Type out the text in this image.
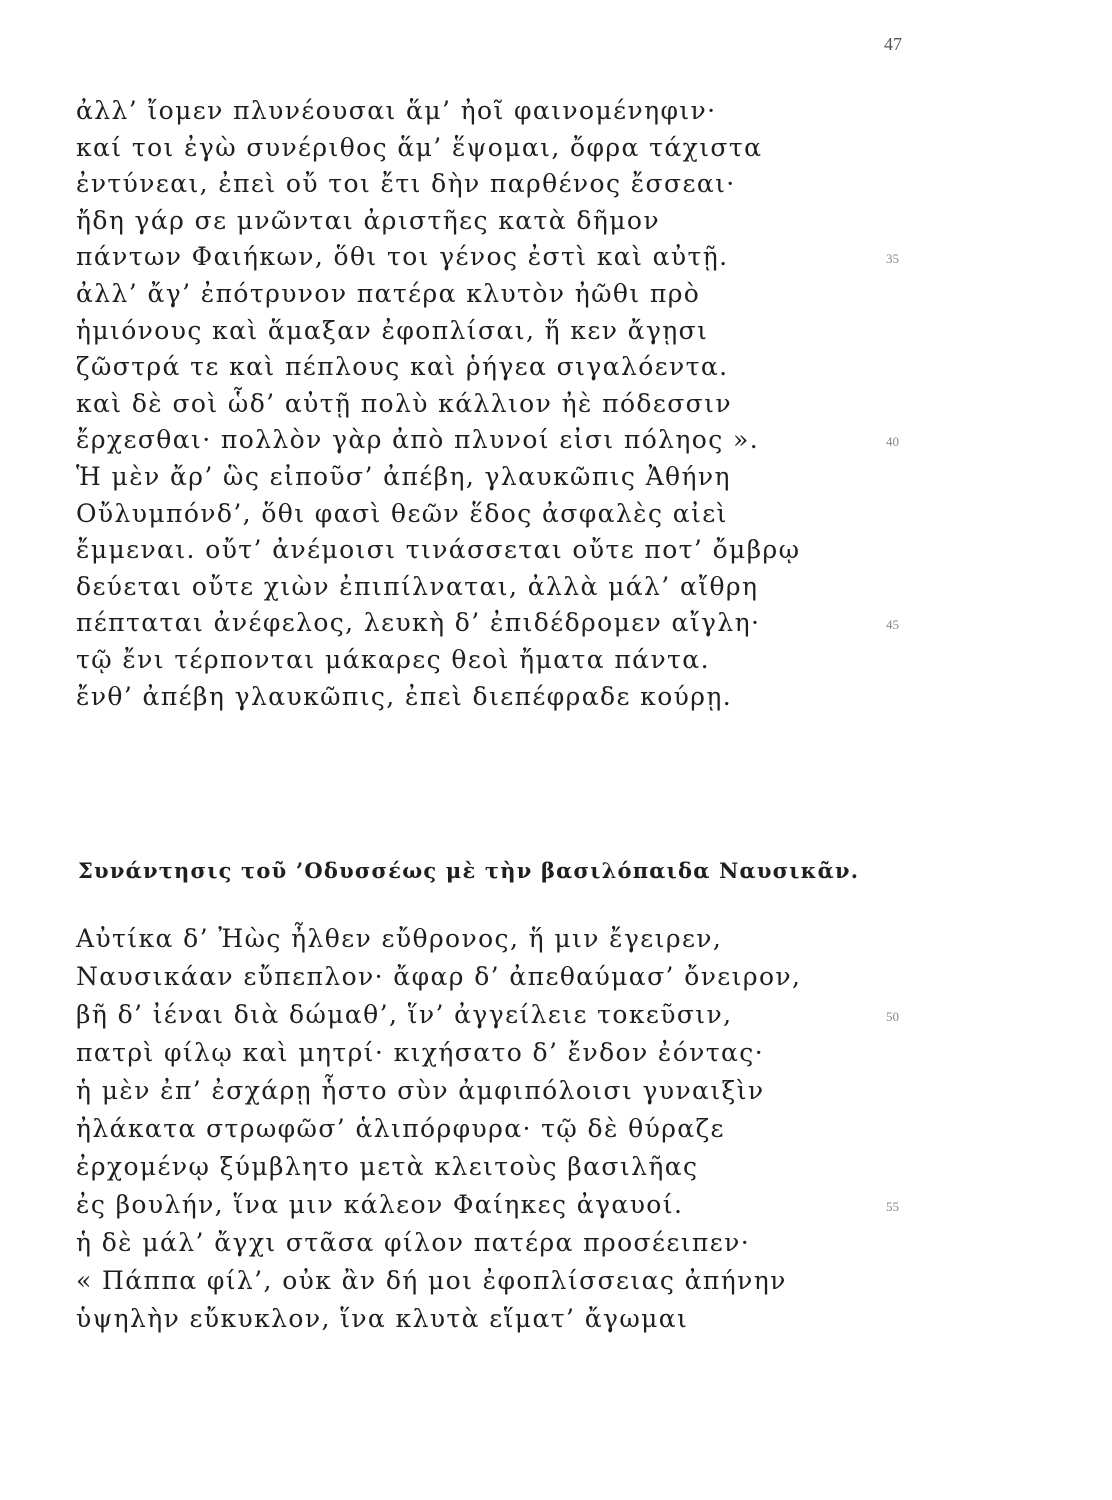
47
ἀλλ’ ἴομεν πλυνέουσαι ἅμ’ ἠοῖ φαινομένηφιν·
καί τοι ἐγὼ συνέριθος ἅμ’ ἕψομαι, ὄφρα τάχιστα
ἐντύνεαι, ἐπεὶ οὔ τοι ἔτι δὴν παρθένος ἔσσεαι·
ἤδη γάρ σε μνῶνται ἀριστῆες κατὰ δῆμον
πάντων Φαιήκων, ὅθι τοι γένος ἐστὶ καὶ αὐτῇ.
ἀλλ’ ἄγ’ ἐπότρυνον πατέρα κλυτὸν ἠῶθι πρὸ
ἡμιόνους καὶ ἅμαξαν ἐφοπλίσαι, ἥ κεν ἄγῃσι
ζῶστρά τε καὶ πέπλους καὶ ῥήγεα σιγαλόεντα.
καὶ δὲ σοὶ ὧδ’ αὐτῇ πολὺ κάλλιον ἠὲ πόδεσσιν
ἔρχεσθαι· πολλὸν γὰρ ἀπὸ πλυνοί εἰσι πόληος ».
Ἡ μὲν ἄρ’ ὣς εἰποῦσ’ ἀπέβη, γλαυκῶπις Ἀθήνη
Οὔλυμπόνδ’, ὅθι φασὶ θεῶν ἕδος ἀσφαλὲς αἰεὶ
ἔμμεναι. οὔτ’ ἀνέμοισι τινάσσεται οὔτε ποτ’ ὄμβρῳ
δεύεται οὔτε χιὼν ἐπιπίλναται, ἀλλὰ μάλ’ αἴθρη
πέπταται ἀνέφελος, λευκὴ δ’ ἐπιδέδρομεν αἴγλη·
τῷ ἔνι τέρπονται μάκαρες θεοὶ ἤματα πάντα.
ἔνθ’ ἀπέβη γλαυκῶπις, ἐπεὶ διεπέφραδε κούρῃ.
35
40
45
Συνάντησις τοῦ ’Οδυσσέως μὲ τὴν βασιλόπαιδα Ναυσικᾶν.
Αὐτίκα δ’ Ἠὼς ἦλθεν εὔθρονος, ἥ μιν ἔγειρεν,
Ναυσικάαν εὔπεπλον· ἄφαρ δ’ ἀπεθαύμασ’ ὄνειρον,
βῆ δ’ ἰέναι διὰ δώμαθ’, ἵν’ ἀγγείλειε τοκεῦσιν,
πατρὶ φίλῳ καὶ μητρί· κιχήσατο δ’ ἔνδον ἐόντας·
ἡ μὲν ἐπ’ ἐσχάρῃ ἧστο σὺν ἀμφιπόλοισι γυναιξὶν
ἠλάκατα στρωφῶσ’ ἁλιπόρφυρα· τῷ δὲ θύραζε
ἐρχομένῳ ξύμβλητο μετὰ κλειτοὺς βασιλῆας
ἐς βουλήν, ἵνα μιν κάλεον Φαίηκες ἀγαυοί.
ἡ δὲ μάλ’ ἄγχι στᾶσα φίλον πατέρα προσέειπεν·
« Πάππα φίλ’, οὐκ ἂν δή μοι ἐφοπλίσσειας ἀπήνην
ὑψηλὴν εὔκυκλον, ἵνα κλυτὰ εἵματ’ ἄγωμαι
50
55
